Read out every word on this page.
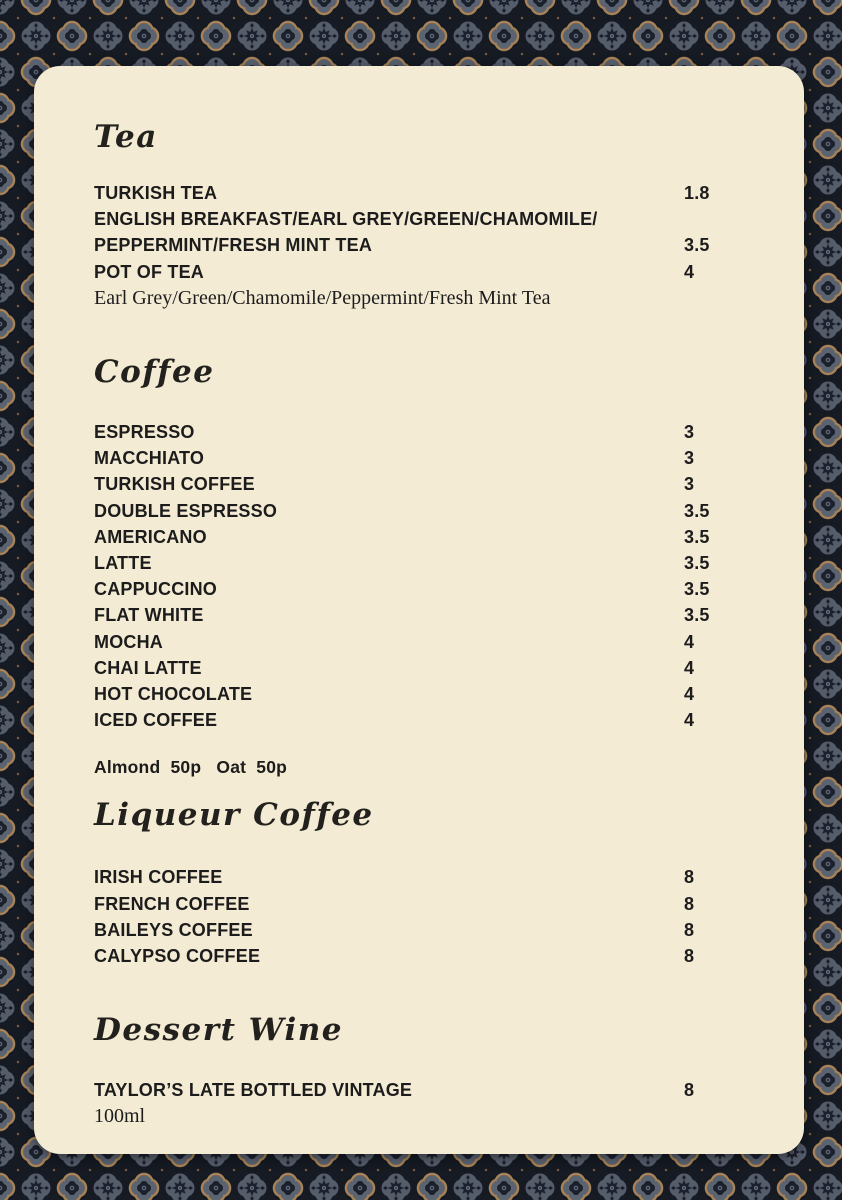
Tea
TURKISH TEA	1.8
ENGLISH BREAKFAST/EARL GREY/GREEN/CHAMOMILE/
PEPPERMINT/FRESH MINT TEA	3.5
POT OF TEA	4
Earl Grey/Green/Chamomile/Peppermint/Fresh Mint Tea
Coffee
ESPRESSO	3
MACCHIATO	3
TURKISH COFFEE	3
DOUBLE ESPRESSO	3.5
AMERICANO	3.5
LATTE	3.5
CAPPUCCINO	3.5
FLAT WHITE	3.5
MOCHA	4
CHAI LATTE	4
HOT CHOCOLATE	4
ICED COFFEE	4
Almond  50p   Oat  50p
Liqueur Coffee
IRISH COFFEE	8
FRENCH COFFEE	8
BAILEYS COFFEE	8
CALYPSO COFFEE	8
Dessert Wine
TAYLOR’S LATE BOTTLED VINTAGE	8
100ml
